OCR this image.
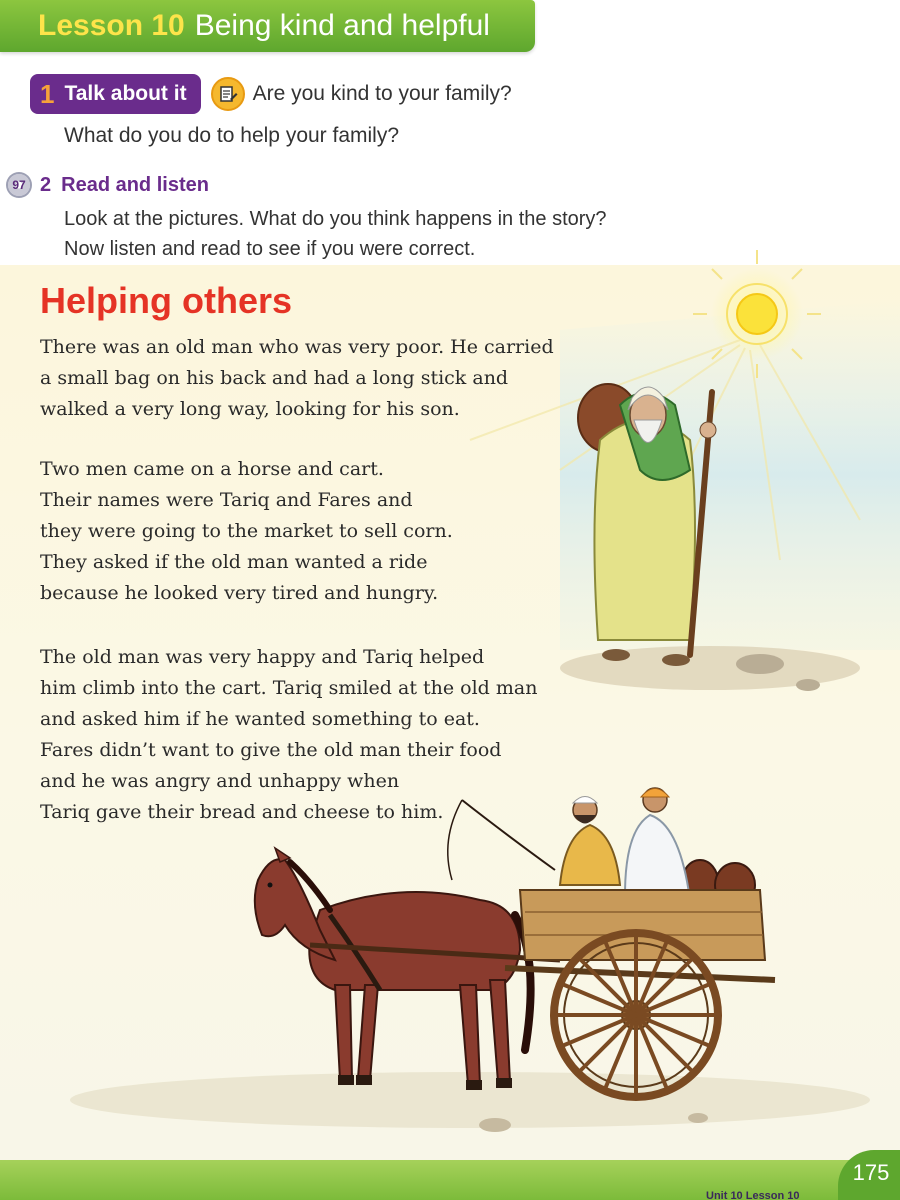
Lesson 10 Being kind and helpful
1 Talk about it	Are you kind to your family?
What do you do to help your family?
97 2 Read and listen
Look at the pictures. What do you think happens in the story?
Now listen and read to see if you were correct.
Helping others
There was an old man who was very poor. He carried
a small bag on his back and had a long stick and
walked a very long way, looking for his son.
Two men came on a horse and cart.
Their names were Tariq and Fares and
they were going to the market to sell corn.
They asked if the old man wanted a ride
because he looked very tired and hungry.
The old man was very happy and Tariq helped
him climb into the cart. Tariq smiled at the old man
and asked him if he wanted something to eat.
Fares didn’t want to give the old man their food
and he was angry and unhappy when
Tariq gave their bread and cheese to him.
Unit 10 Lesson 10
175
